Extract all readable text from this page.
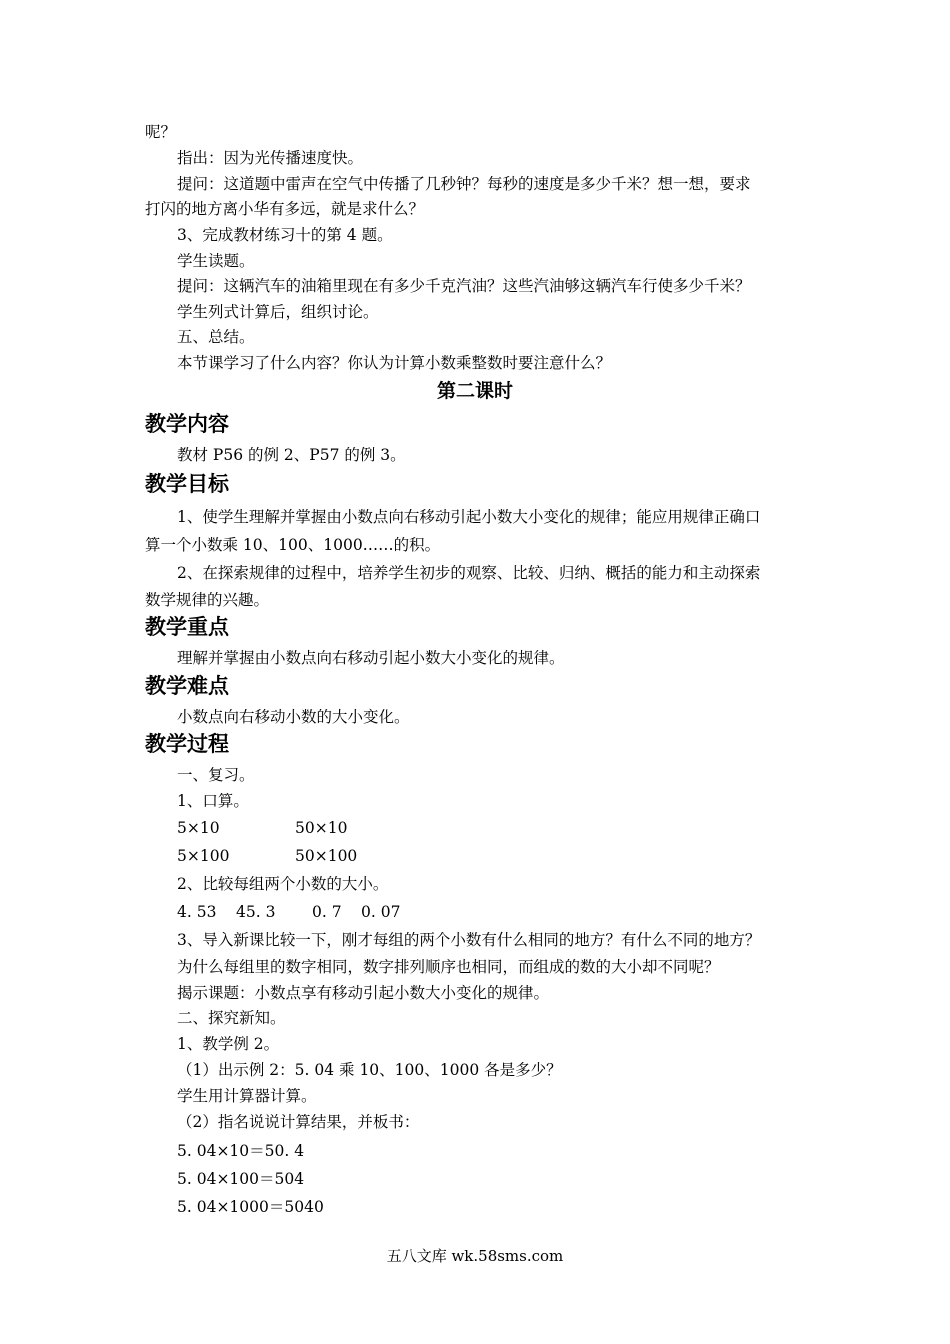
呢？
指出：因为光传播速度快。
提问：这道题中雷声在空气中传播了几秒钟？每秒的速度是多少千米？想一想，要求
打闪的地方离小华有多远，就是求什么？
3、完成教材练习十的第 4 题。
学生读题。
提问：这辆汽车的油箱里现在有多少千克汽油？这些汽油够这辆汽车行使多少千米？
学生列式计算后，组织讨论。
五、总结。
本节课学习了什么内容？你认为计算小数乘整数时要注意什么？
第二课时
教学内容
教材 P56 的例 2、P57 的例 3。
教学目标
1、使学生理解并掌握由小数点向右移动引起小数大小变化的规律；能应用规律正确口
算一个小数乘 10、100、1000……的积。
2、在探索规律的过程中，培养学生初步的观察、比较、归纳、概括的能力和主动探索
数学规律的兴趣。
教学重点
理解并掌握由小数点向右移动引起小数大小变化的规律。
教学难点
小数点向右移动小数的大小变化。
教学过程
一、复习。
1、口算。
5×10	50×10
5×100	50×100
2、比较每组两个小数的大小。
4. 53 45. 3 0. 7 0. 07
3、导入新课比较一下，刚才每组的两个小数有什么相同的地方？有什么不同的地方？
为什么每组里的数字相同，数字排列顺序也相同，而组成的数的大小却不同呢？
揭示课题：小数点享有移动引起小数大小变化的规律。
二、探究新知。
1、教学例 2。
（1）出示例 2：5. 04 乘 10、100、1000 各是多少？
学生用计算器计算。
（2）指名说说计算结果，并板书：
5. 04×10＝50. 4
5. 04×100＝504
5. 04×1000＝5040
五八文库 wk.58sms.com
